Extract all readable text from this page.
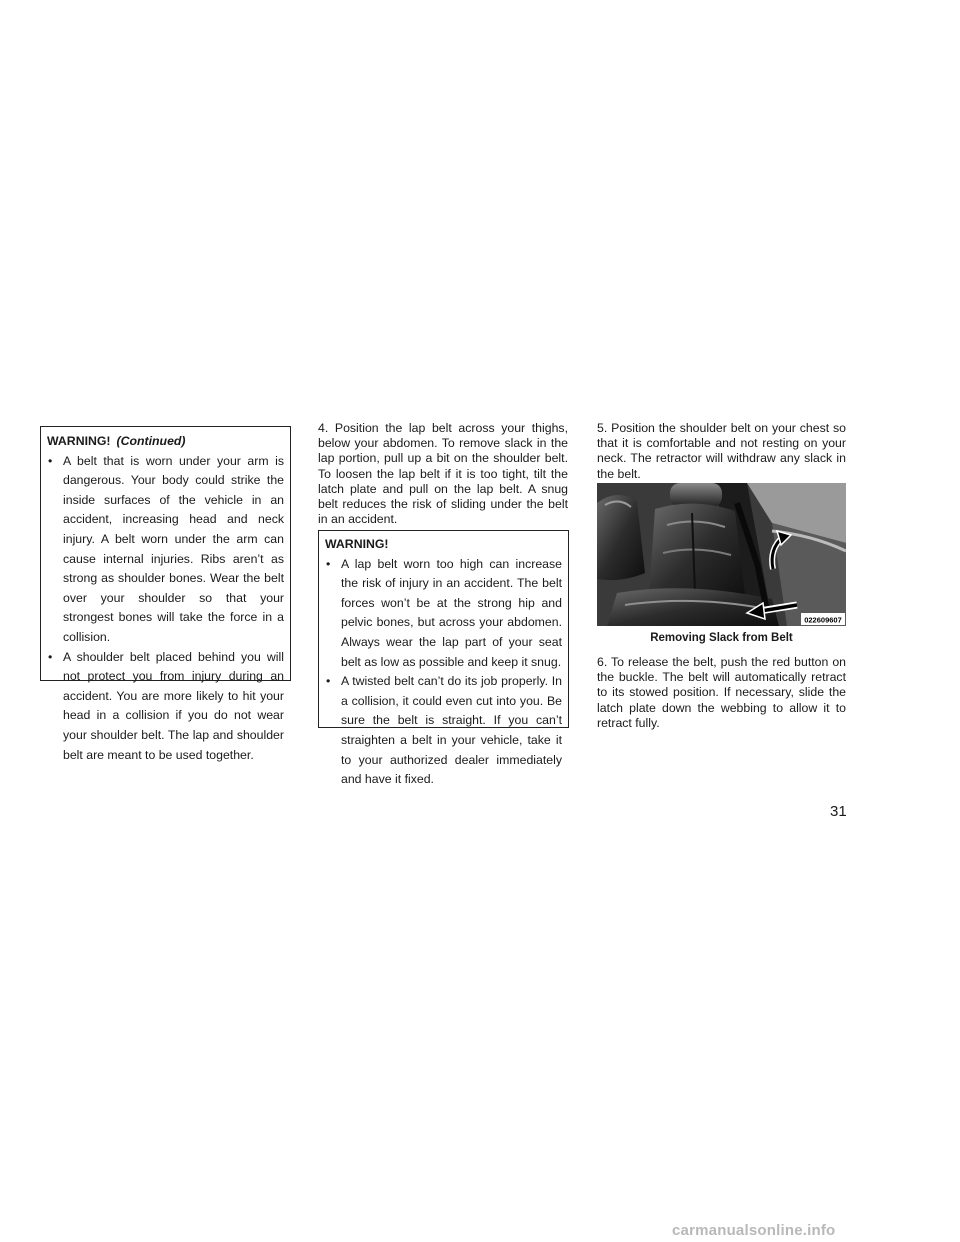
WARNING! (Continued)
• A belt that is worn under your arm is dangerous. Your body could strike the inside surfaces of the vehicle in an accident, increasing head and neck injury. A belt worn under the arm can cause internal injuries. Ribs aren’t as strong as shoulder bones. Wear the belt over your shoulder so that your strongest bones will take the force in a collision.
• A shoulder belt placed behind you will not protect you from injury during an accident. You are more likely to hit your head in a collision if you do not wear your shoulder belt. The lap and shoulder belt are meant to be used together.

4. Position the lap belt across your thighs, below your abdomen. To remove slack in the lap portion, pull up a bit on the shoulder belt. To loosen the lap belt if it is too tight, tilt the latch plate and pull on the lap belt. A snug belt reduces the risk of sliding under the belt in an accident.

WARNING!
• A lap belt worn too high can increase the risk of injury in an accident. The belt forces won’t be at the strong hip and pelvic bones, but across your abdomen. Always wear the lap part of your seat belt as low as possible and keep it snug.
• A twisted belt can’t do its job properly. In a collision, it could even cut into you. Be sure the belt is straight. If you can’t straighten a belt in your vehicle, take it to your authorized dealer immediately and have it fixed.

5. Position the shoulder belt on your chest so that it is comfortable and not resting on your neck. The retractor will withdraw any slack in the belt.

022609607
Removing Slack from Belt

6. To release the belt, push the red button on the buckle. The belt will automatically retract to its stowed position. If necessary, slide the latch plate down the webbing to allow it to retract fully.

31
carmanualsonline.info
